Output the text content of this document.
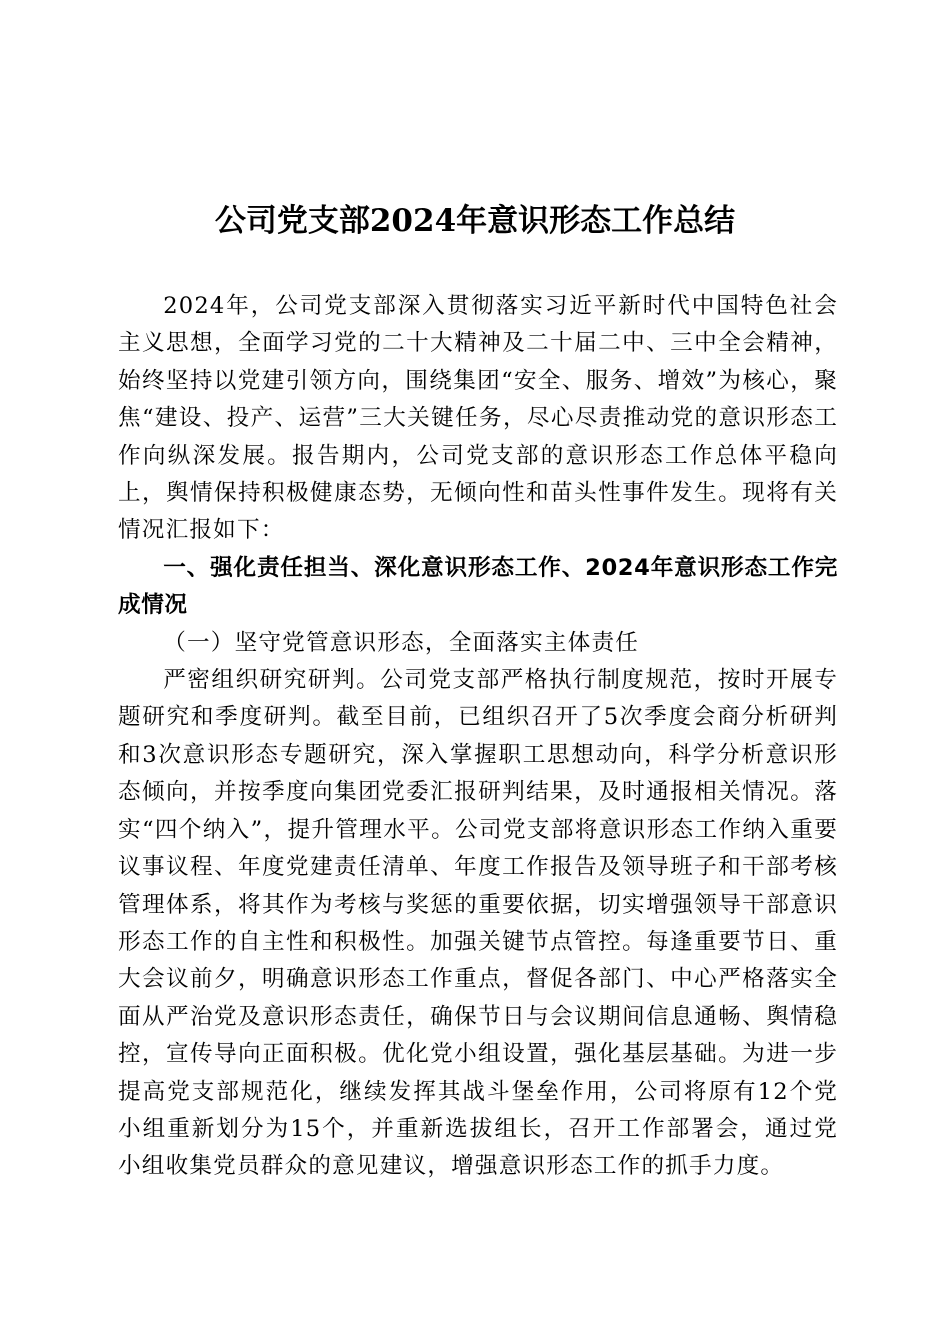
公司党支部2024年意识形态工作总结

2024年，公司党支部深入贯彻落实习近平新时代中国特色社会主义思想，全面学习党的二十大精神及二十届二中、三中全会精神，始终坚持以党建引领方向，围绕集团“安全、服务、增效”为核心，聚焦“建设、投产、运营”三大关键任务，尽心尽责推动党的意识形态工作向纵深发展。报告期内，公司党支部的意识形态工作总体平稳向上，舆情保持积极健康态势，无倾向性和苗头性事件发生。现将有关情况汇报如下：

一、强化责任担当、深化意识形态工作、2024年意识形态工作完成情况

（一）坚守党管意识形态，全面落实主体责任

严密组织研究研判。公司党支部严格执行制度规范，按时开展专题研究和季度研判。截至目前，已组织召开了5次季度会商分析研判和3次意识形态专题研究，深入掌握职工思想动向，科学分析意识形态倾向，并按季度向集团党委汇报研判结果，及时通报相关情况。落实“四个纳入”，提升管理水平。公司党支部将意识形态工作纳入重要议事议程、年度党建责任清单、年度工作报告及领导班子和干部考核管理体系，将其作为考核与奖惩的重要依据，切实增强领导干部意识形态工作的自主性和积极性。加强关键节点管控。每逢重要节日、重大会议前夕，明确意识形态工作重点，督促各部门、中心严格落实全面从严治党及意识形态责任，确保节日与会议期间信息通畅、舆情稳控，宣传导向正面积极。优化党小组设置，强化基层基础。为进一步提高党支部规范化，继续发挥其战斗堡垒作用，公司将原有12个党小组重新划分为15个，并重新选拔组长，召开工作部署会，通过党小组收集党员群众的意见建议，增强意识形态工作的抓手力度。
